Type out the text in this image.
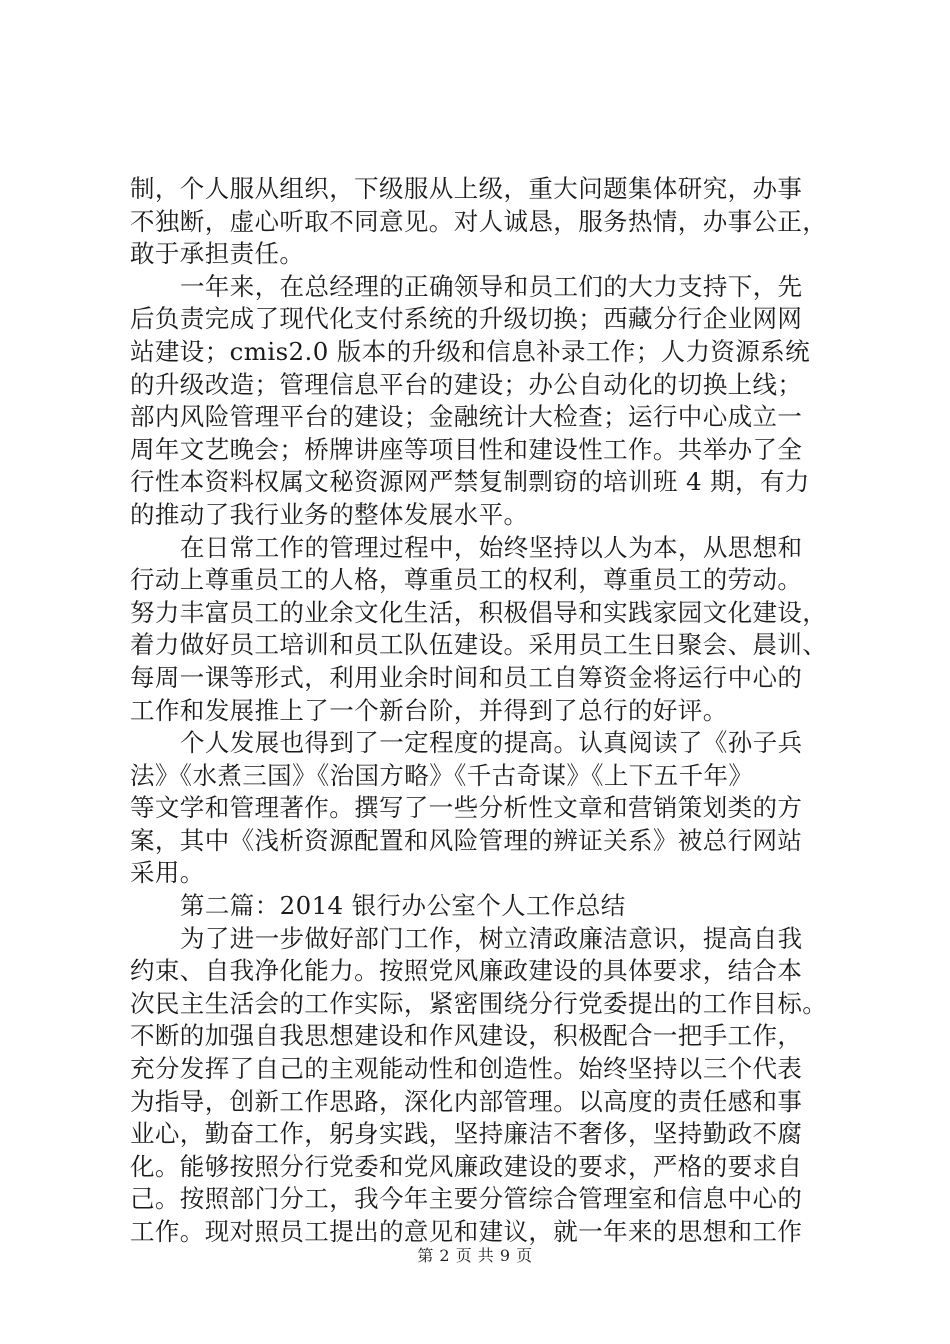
制，个人服从组织，下级服从上级，重大问题集体研究，办事
不独断，虚心听取不同意见。对人诚恳，服务热情，办事公正，
敢于承担责任。
一年来，在总经理的正确领导和员工们的大力支持下，先
后负责完成了现代化支付系统的升级切换；西藏分行企业网网
站建设；cmis2.0 版本的升级和信息补录工作；人力资源系统
的升级改造；管理信息平台的建设；办公自动化的切换上线；
部内风险管理平台的建设；金融统计大检查；运行中心成立一
周年文艺晚会；桥牌讲座等项目性和建设性工作。共举办了全
行性本资料权属文秘资源网严禁复制剽窃的培训班 4 期，有力
的推动了我行业务的整体发展水平。
在日常工作的管理过程中，始终坚持以人为本，从思想和
行动上尊重员工的人格，尊重员工的权利，尊重员工的劳动。
努力丰富员工的业余文化生活，积极倡导和实践家园文化建设，
着力做好员工培训和员工队伍建设。采用员工生日聚会、晨训、
每周一课等形式，利用业余时间和员工自筹资金将运行中心的
工作和发展推上了一个新台阶，并得到了总行的好评。
个人发展也得到了一定程度的提高。认真阅读了《孙子兵
法》《水煮三国》《治国方略》《千古奇谋》《上下五千年》
等文学和管理著作。撰写了一些分析性文章和营销策划类的方
案，其中《浅析资源配置和风险管理的辨证关系》被总行网站
采用。
第二篇：2014 银行办公室个人工作总结
为了进一步做好部门工作，树立清政廉洁意识，提高自我
约束、自我净化能力。按照党风廉政建设的具体要求，结合本
次民主生活会的工作实际，紧密围绕分行党委提出的工作目标。
不断的加强自我思想建设和作风建设，积极配合一把手工作，
充分发挥了自己的主观能动性和创造性。始终坚持以三个代表
为指导，创新工作思路，深化内部管理。以高度的责任感和事
业心，勤奋工作，躬身实践，坚持廉洁不奢侈，坚持勤政不腐
化。能够按照分行党委和党风廉政建设的要求，严格的要求自
己。按照部门分工，我今年主要分管综合管理室和信息中心的
工作。现对照员工提出的意见和建议，就一年来的思想和工作
第 2 页 共 9 页
